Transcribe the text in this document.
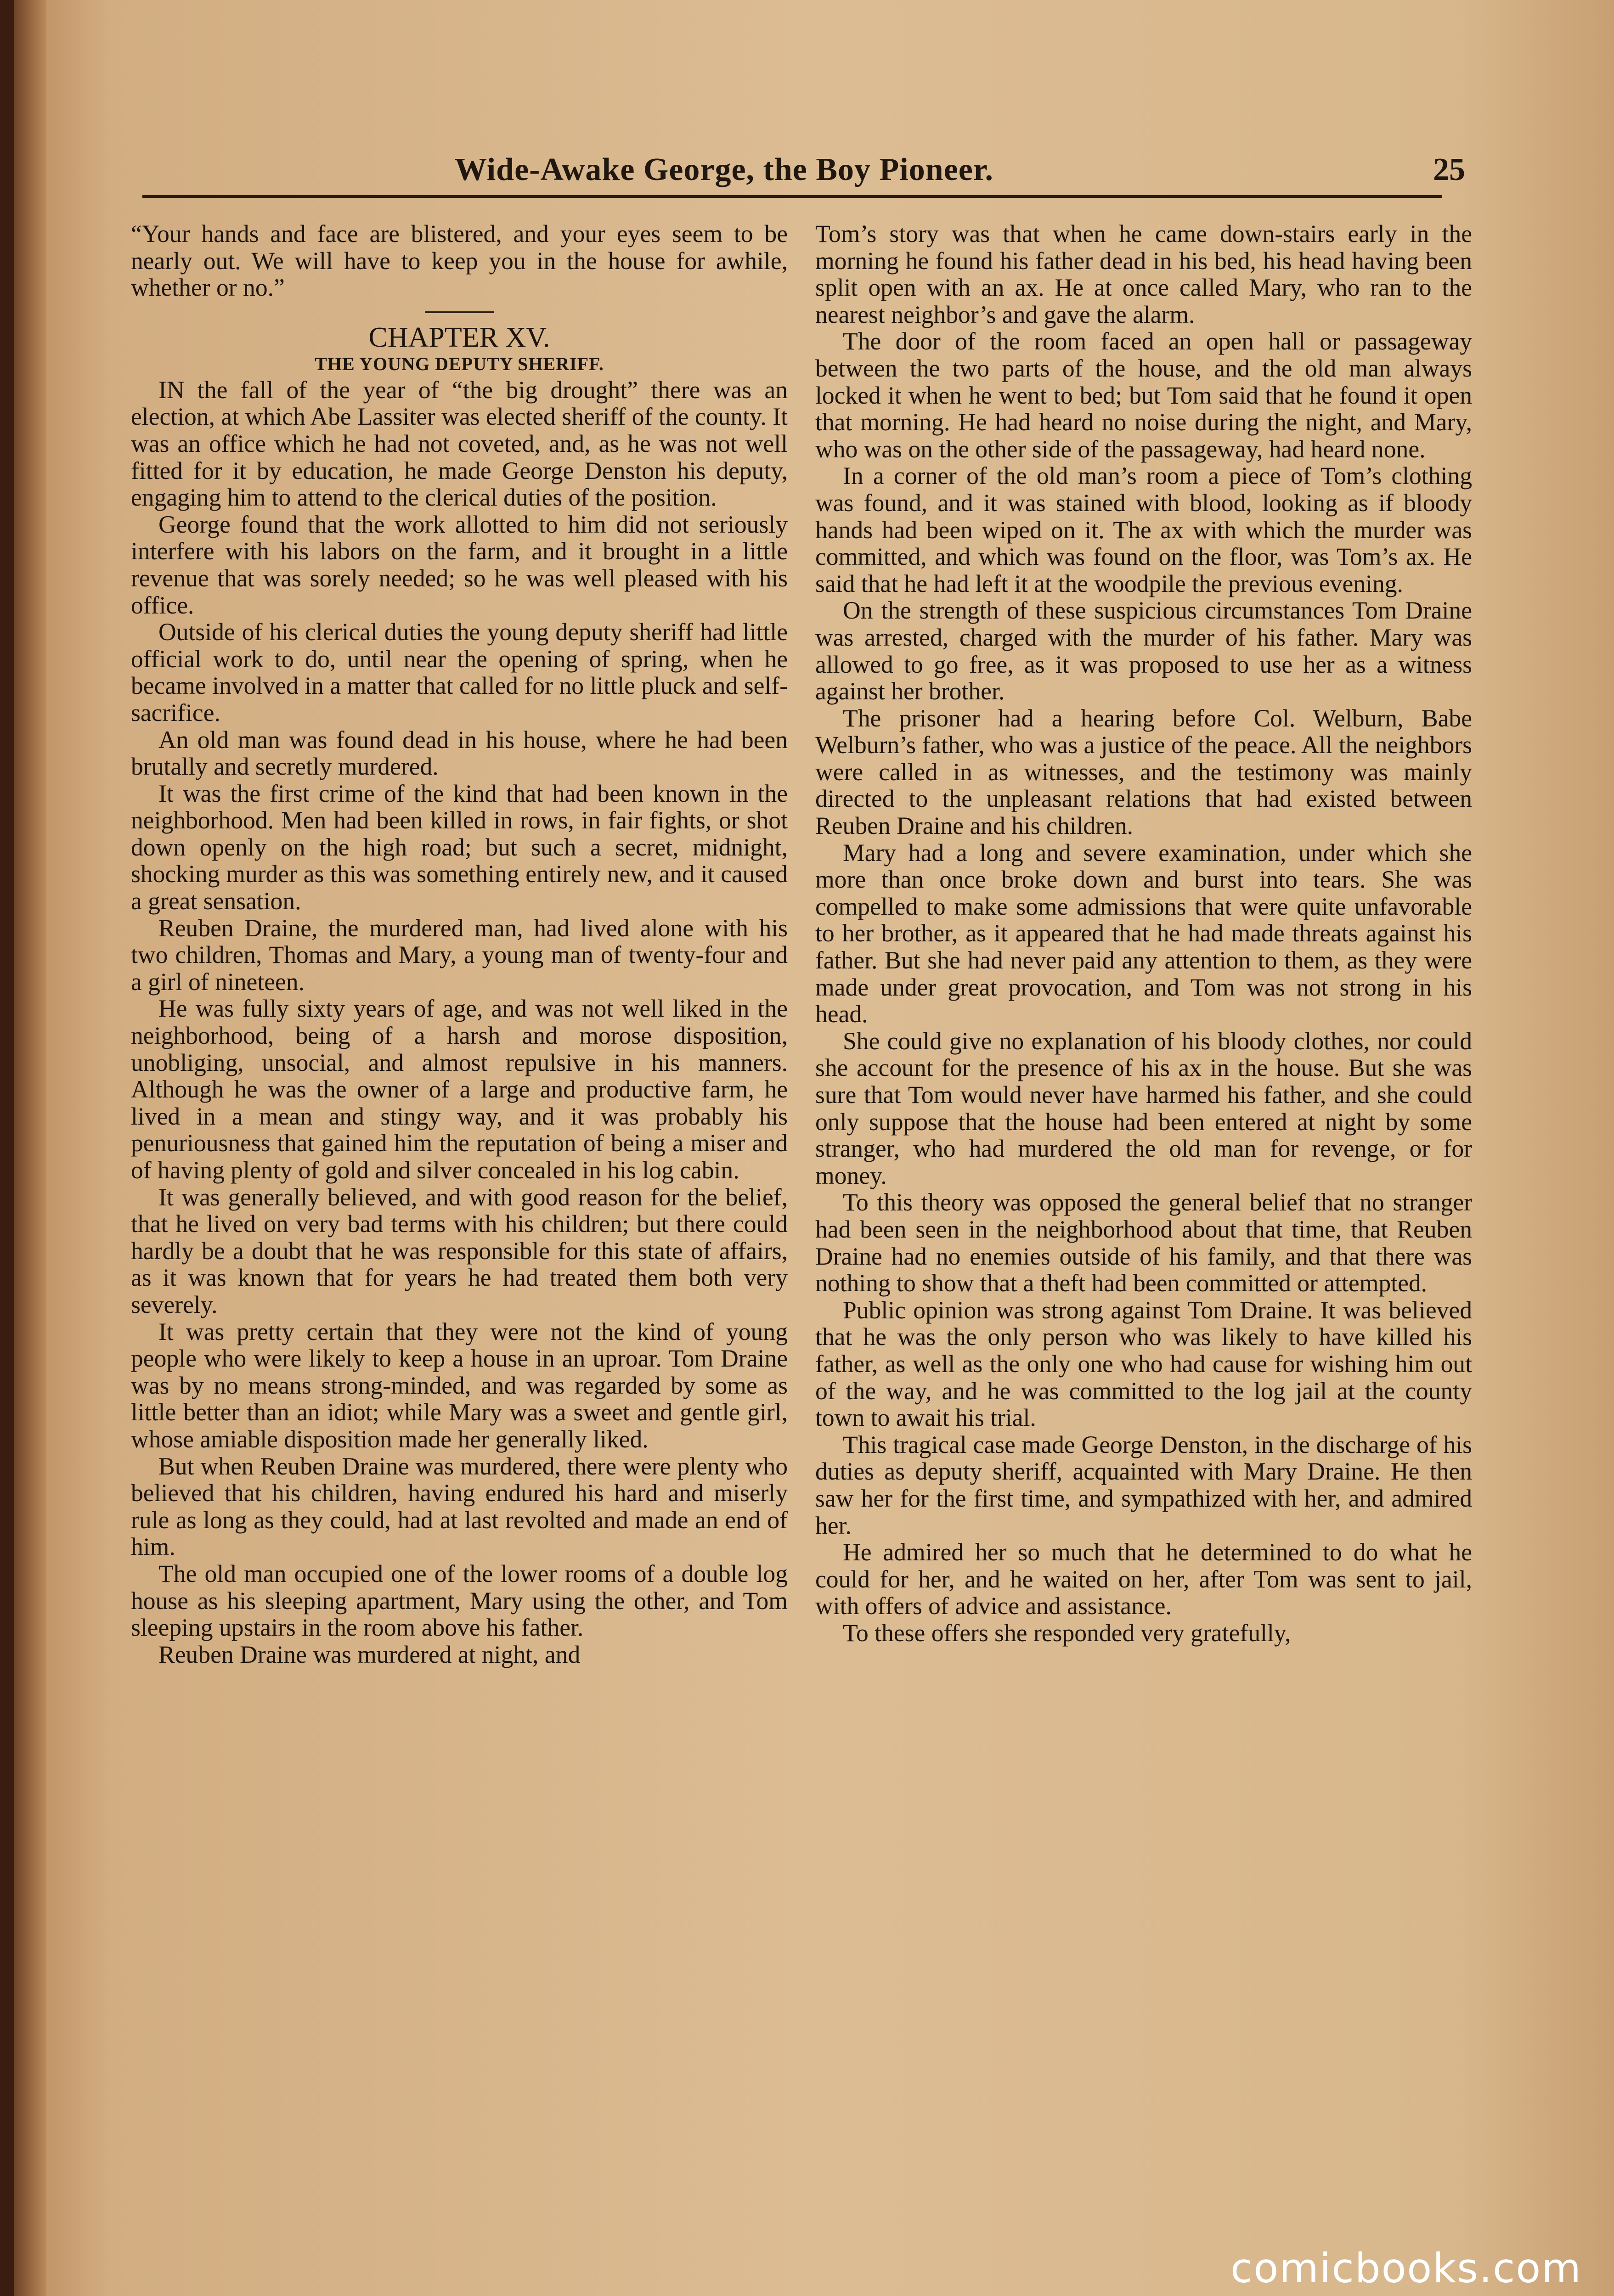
Wide-Awake George, the Boy Pioneer.	25

“Your hands and face are blistered, and your eyes seem to be nearly out. We will have to keep you in the house for awhile, whether or no.”

CHAPTER XV.
THE YOUNG DEPUTY SHERIFF.

IN the fall of the year of “the big drought” there was an election, at which Abe Lassiter was elected sheriff of the county. It was an office which he had not coveted, and, as he was not well fitted for it by education, he made George Denston his deputy, engaging him to attend to the clerical duties of the position.

George found that the work allotted to him did not seriously interfere with his labors on the farm, and it brought in a little revenue that was sorely needed; so he was well pleased with his office.

Outside of his clerical duties the young deputy sheriff had little official work to do, until near the opening of spring, when he became involved in a matter that called for no little pluck and self-sacrifice.

An old man was found dead in his house, where he had been brutally and secretly murdered.

It was the first crime of the kind that had been known in the neighborhood. Men had been killed in rows, in fair fights, or shot down openly on the high road; but such a secret, midnight, shocking murder as this was something entirely new, and it caused a great sensation.

Reuben Draine, the murdered man, had lived alone with his two children, Thomas and Mary, a young man of twenty-four and a girl of nineteen.

He was fully sixty years of age, and was not well liked in the neighborhood, being of a harsh and morose disposition, unobliging, unsocial, and almost repulsive in his manners. Although he was the owner of a large and productive farm, he lived in a mean and stingy way, and it was probably his penuriousness that gained him the reputation of being a miser and of having plenty of gold and silver concealed in his log cabin.

It was generally believed, and with good reason for the belief, that he lived on very bad terms with his children; but there could hardly be a doubt that he was responsible for this state of affairs, as it was known that for years he had treated them both very severely.

It was pretty certain that they were not the kind of young people who were likely to keep a house in an uproar. Tom Draine was by no means strong-minded, and was regarded by some as little better than an idiot; while Mary was a sweet and gentle girl, whose amiable disposition made her generally liked.

But when Reuben Draine was murdered, there were plenty who believed that his children, having endured his hard and miserly rule as long as they could, had at last revolted and made an end of him.

The old man occupied one of the lower rooms of a double log house as his sleeping apartment, Mary using the other, and Tom sleeping upstairs in the room above his father.

Reuben Draine was murdered at night, and

Tom’s story was that when he came down-stairs early in the morning he found his father dead in his bed, his head having been split open with an ax. He at once called Mary, who ran to the nearest neighbor’s and gave the alarm.

The door of the room faced an open hall or passageway between the two parts of the house, and the old man always locked it when he went to bed; but Tom said that he found it open that morning. He had heard no noise during the night, and Mary, who was on the other side of the passageway, had heard none.

In a corner of the old man’s room a piece of Tom’s clothing was found, and it was stained with blood, looking as if bloody hands had been wiped on it. The ax with which the murder was committed, and which was found on the floor, was Tom’s ax. He said that he had left it at the woodpile the previous evening.

On the strength of these suspicious circumstances Tom Draine was arrested, charged with the murder of his father. Mary was allowed to go free, as it was proposed to use her as a witness against her brother.

The prisoner had a hearing before Col. Welburn, Babe Welburn’s father, who was a justice of the peace. All the neighbors were called in as witnesses, and the testimony was mainly directed to the unpleasant relations that had existed between Reuben Draine and his children.

Mary had a long and severe examination, under which she more than once broke down and burst into tears. She was compelled to make some admissions that were quite unfavorable to her brother, as it appeared that he had made threats against his father. But she had never paid any attention to them, as they were made under great provocation, and Tom was not strong in his head.

She could give no explanation of his bloody clothes, nor could she account for the presence of his ax in the house. But she was sure that Tom would never have harmed his father, and she could only suppose that the house had been entered at night by some stranger, who had murdered the old man for revenge, or for money.

To this theory was opposed the general belief that no stranger had been seen in the neighborhood about that time, that Reuben Draine had no enemies outside of his family, and that there was nothing to show that a theft had been committed or attempted.

Public opinion was strong against Tom Draine. It was believed that he was the only person who was likely to have killed his father, as well as the only one who had cause for wishing him out of the way, and he was committed to the log jail at the county town to await his trial.

This tragical case made George Denston, in the discharge of his duties as deputy sheriff, acquainted with Mary Draine. He then saw her for the first time, and sympathized with her, and admired her.

He admired her so much that he determined to do what he could for her, and he waited on her, after Tom was sent to jail, with offers of advice and assistance.

To these offers she responded very gratefully,

comicbooks.com
